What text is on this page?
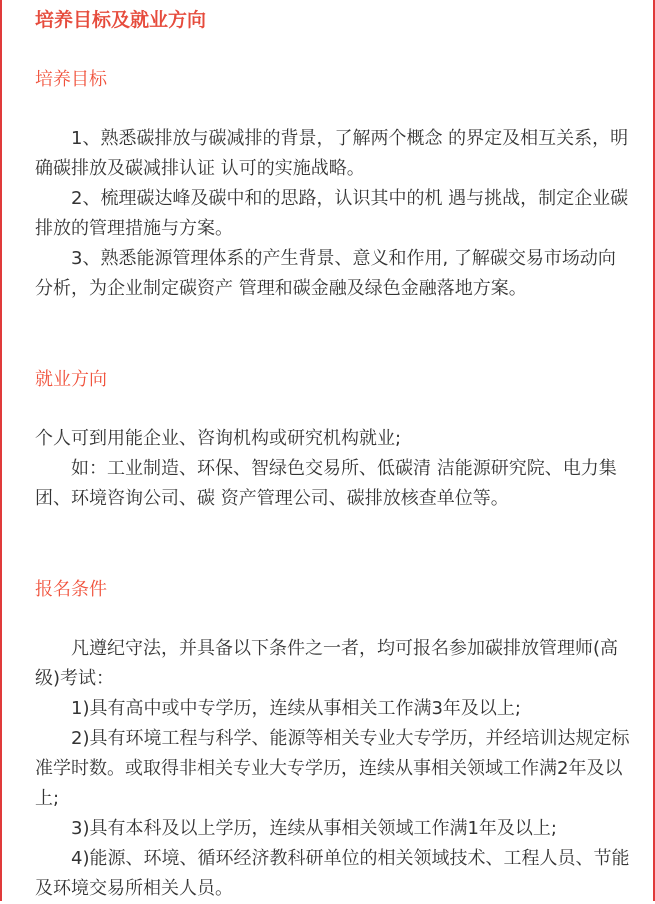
培养目标及就业方向
培养目标

1、熟悉碳排放与碳减排的背景，了解两个概念 的界定及相互关系，明确碳排放及碳减排认证 认可的实施战略。

2、梳理碳达峰及碳中和的思路，认识其中的机 遇与挑战，制定企业碳排放的管理措施与方案。

3、熟悉能源管理体系的产生背景、意义和作用, 了解碳交易市场动向分析，为企业制定碳资产 管理和碳金融及绿色金融落地方案。

就业方向

个人可到用能企业、咨询机构或研究机构就业;

如：工业制造、环保、智绿色交易所、低碳清 洁能源研究院、电力集团、环境咨询公司、碳 资产管理公司、碳排放核查单位等。

报名条件

凡遵纪守法，并具备以下条件之一者，均可报名参加碳排放管理师(高级)考试：

1)具有高中或中专学历，连续从事相关工作满3年及以上;

2)具有环境工程与科学、能源等相关专业大专学历，并经培训达规定标准学时数。或取得非相关专业大专学历，连续从事相关领域工作满2年及以上;

3)具有本科及以上学历，连续从事相关领域工作满1年及以上;

4)能源、环境、循环经济教科研单位的相关领域技术、工程人员、节能及环境交易所相关人员。
